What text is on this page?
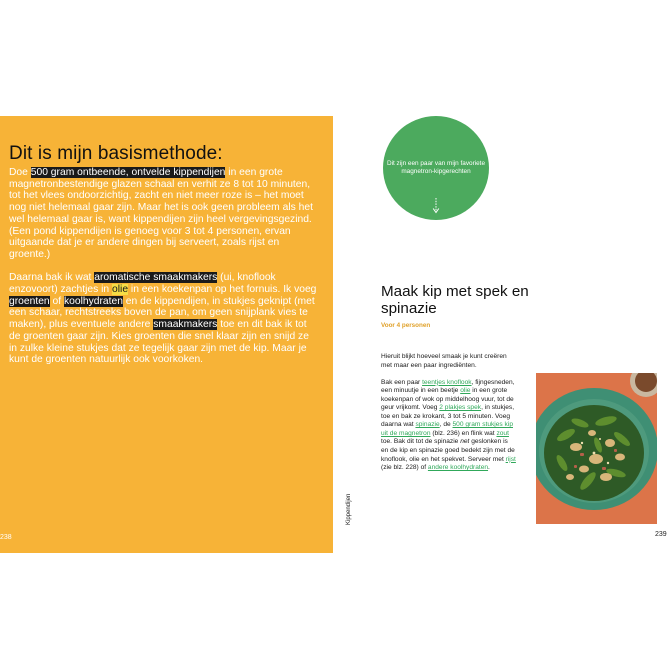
Dit is mijn basismethode:

Doe 500 gram ontbeende, ontvelde kippendijen in een grote magnetronbestendige glazen schaal en verhit ze 8 tot 10 minuten, tot het vlees ondoorzichtig, zacht en niet meer roze is – het moet nog niet helemaal gaar zijn. Maar het is ook geen probleem als het wel helemaal gaar is, want kippendijen zijn heel vergevingsgezind. (Een pond kippendijen is genoeg voor 3 tot 4 personen, ervan uitgaande dat je er andere dingen bij serveert, zoals rijst en groente.)

Daarna bak ik wat aromatische smaakmakers (ui, knoflook enzovoort) zachtjes in olie in een koekenpan op het fornuis. Ik voeg groenten of koolhydraten en de kippendijen, in stukjes geknipt (met een schaar, rechtstreeks boven de pan, om geen snijplank vies te maken), plus eventuele andere smaakmakers toe en dit bak ik tot de groenten gaar zijn. Kies groenten die snel klaar zijn en snijd ze in zulke kleine stukjes dat ze tegelijk gaar zijn met de kip. Maar je kunt de groenten natuurlijk ook voorkoken.

238
Dit zijn een paar van mijn favoriete magnetron-kipgerechten
Maak kip met spek en spinazie
Voor 4 personen

Hieruit blijkt hoeveel smaak je kunt creëren met maar een paar ingrediënten.

Bak een paar teentjes knoflook, fijngesneden, een minuutje in een beetje olie in een grote koekenpan of wok op middelhoog vuur, tot de geur vrijkomt. Voeg 2 plakjes spek, in stukjes, toe en bak ze krokant, 3 tot 5 minuten. Voeg daarna wat spinazie, de 500 gram stukjes kip uit de magnetron (blz. 236) en flink wat zout toe. Bak dit tot de spinazie net geslonken is en de kip en spinazie goed bedekt zijn met de knoflook, olie en het spekvet. Serveer met rijst (zie blz. 228) of andere koolhydraten.

Kippendijen
239
